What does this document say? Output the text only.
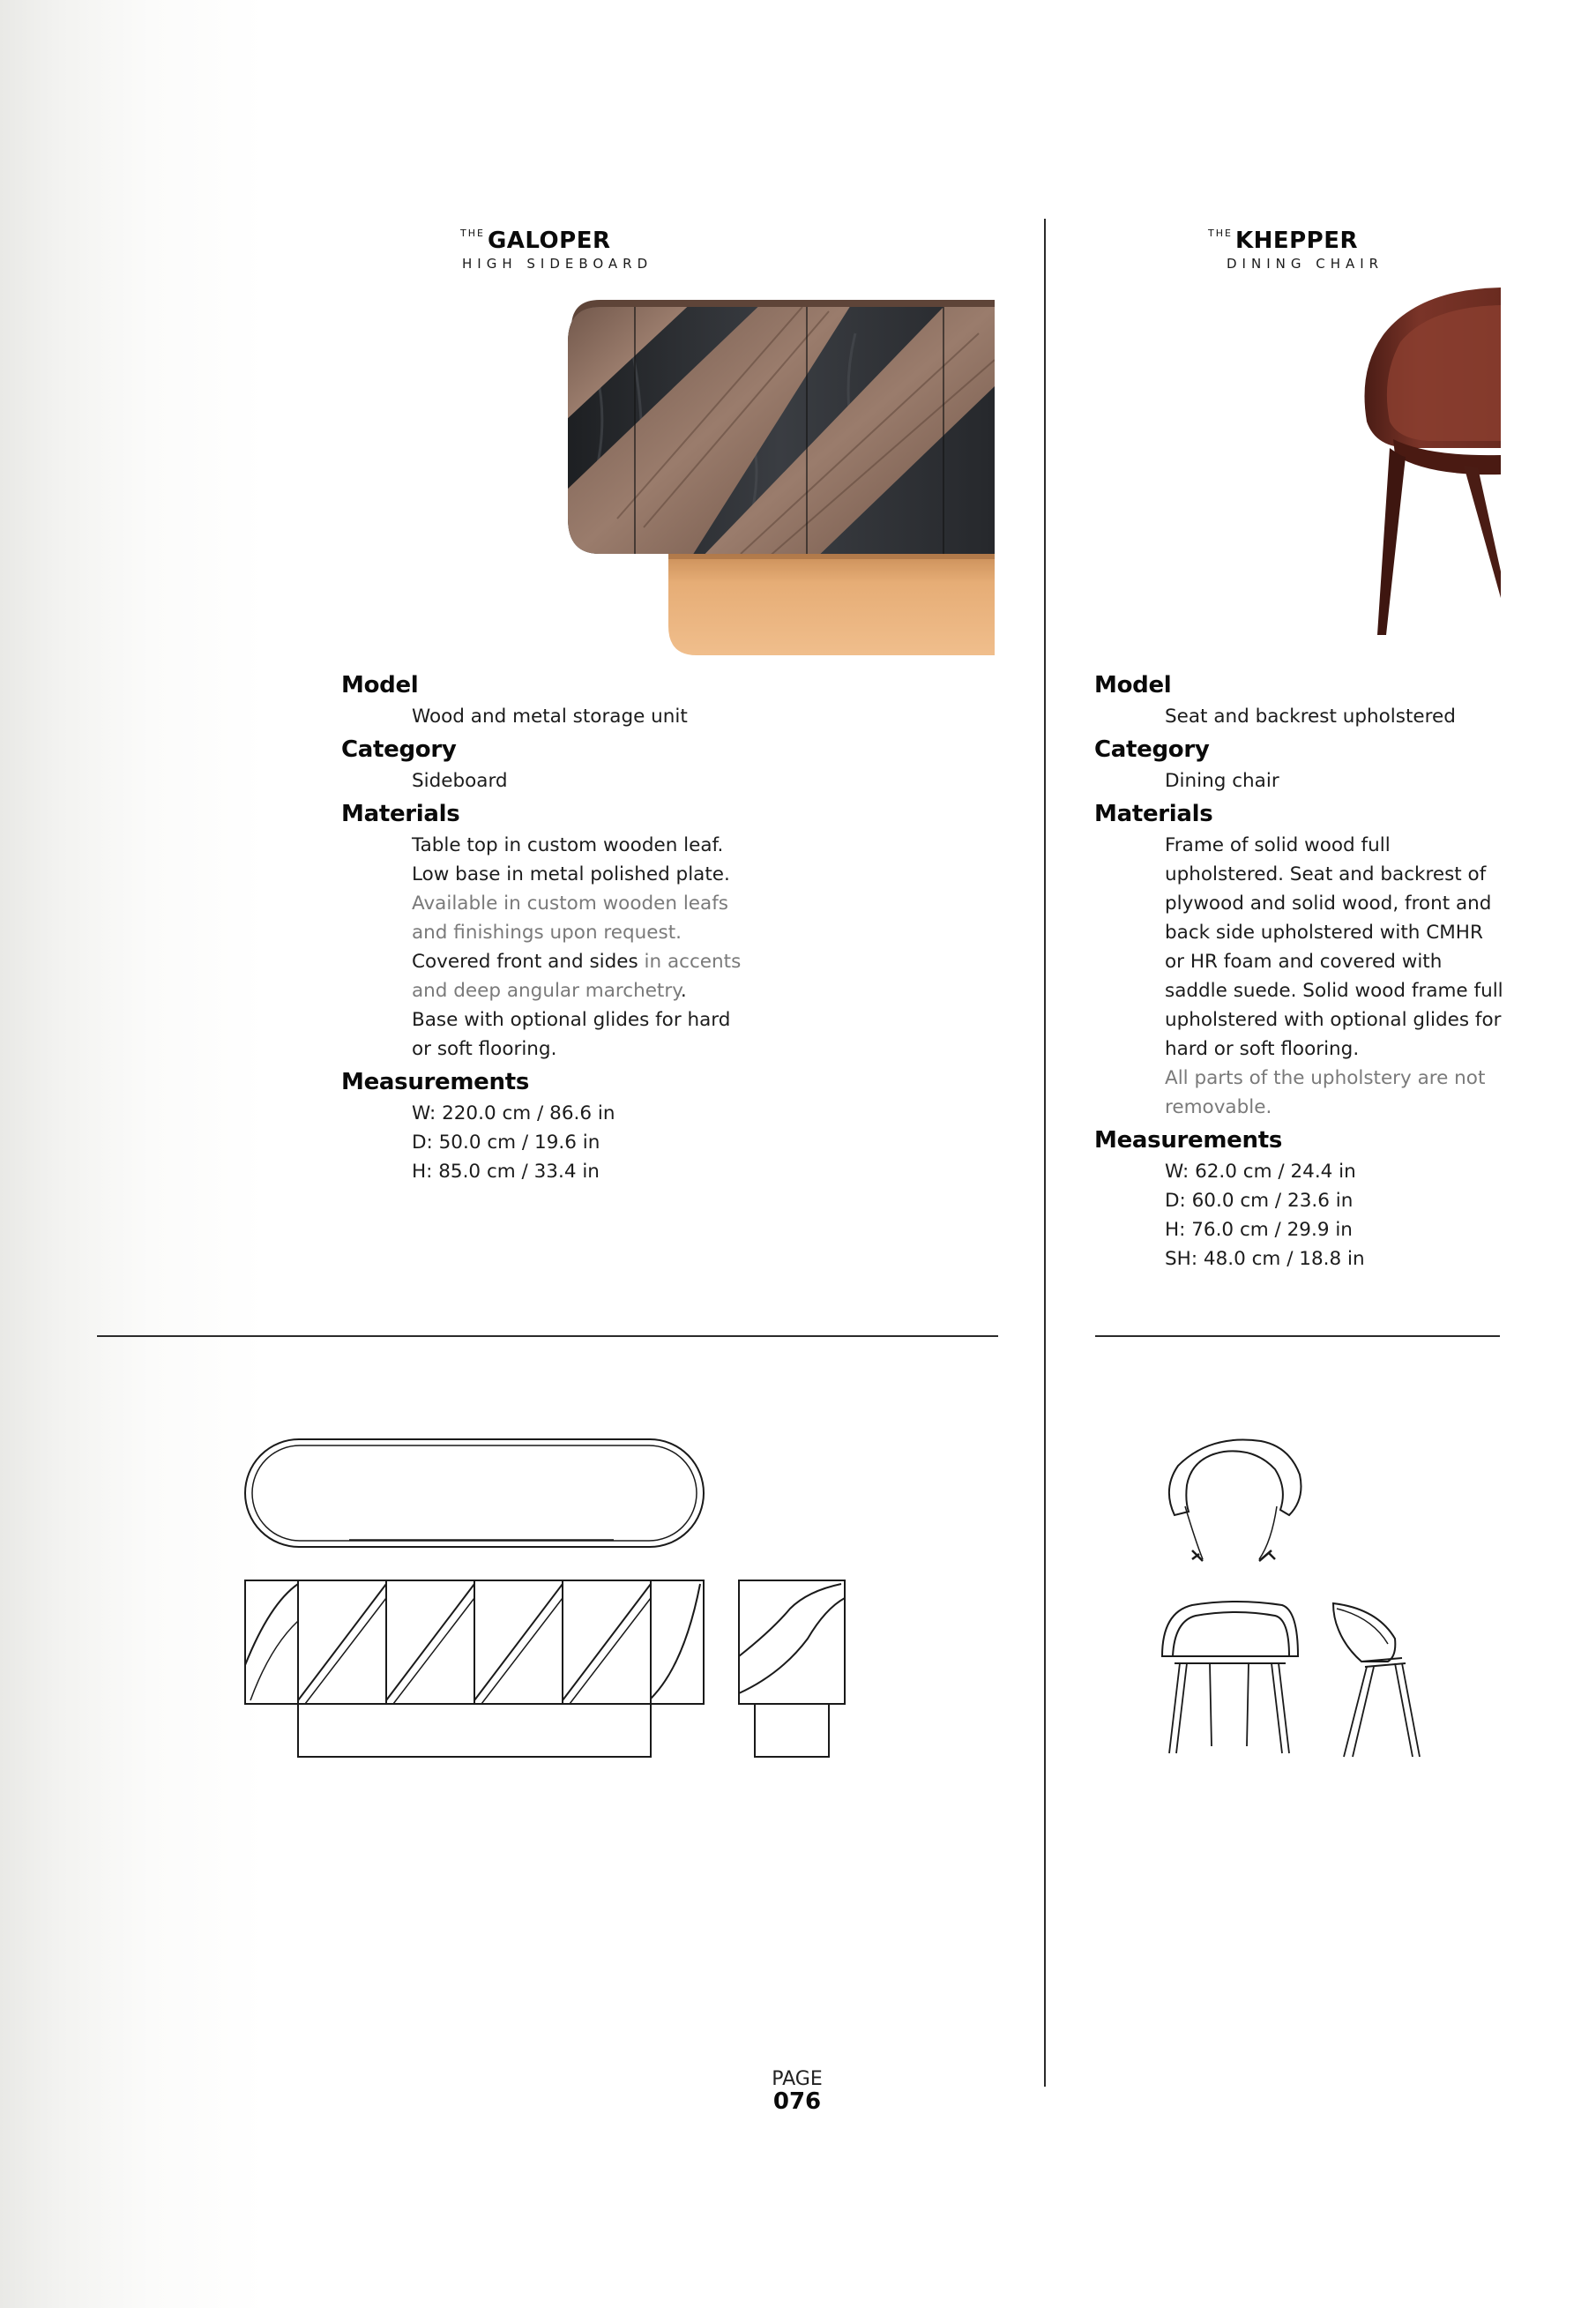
$^{THE}$ GALOPER
HIGH SIDEBOARD
$^{THE}$ KHEPPER
DINING CHAIR
Model
Wood and metal storage unit
Category
Sideboard
Materials
Table top in custom wooden leaf.
Low base in metal polished plate.
Available in custom wooden leafs
and finishings upon request.
Covered front and sides in accents
and deep angular marchetry.
Base with optional glides for hard
or soft flooring.
Measurements
W: 220.0 cm / 86.6 in
D: 50.0 cm / 19.6 in
H: 85.0 cm / 33.4 in
Model
Seat and backrest upholstered
Category
Dining chair
Materials
Frame of solid wood full
upholstered. Seat and backrest of
plywood and solid wood, front and
back side upholstered with CMHR
or HR foam and covered with
saddle suede. Solid wood frame full
upholstered with optional glides for
hard or soft flooring.
All parts of the upholstery are not
removable.
Measurements
W: 62.0 cm / 24.4 in
D: 60.0 cm / 23.6 in
H: 76.0 cm / 29.9 in
SH: 48.0 cm / 18.8 in
PAGE
076
